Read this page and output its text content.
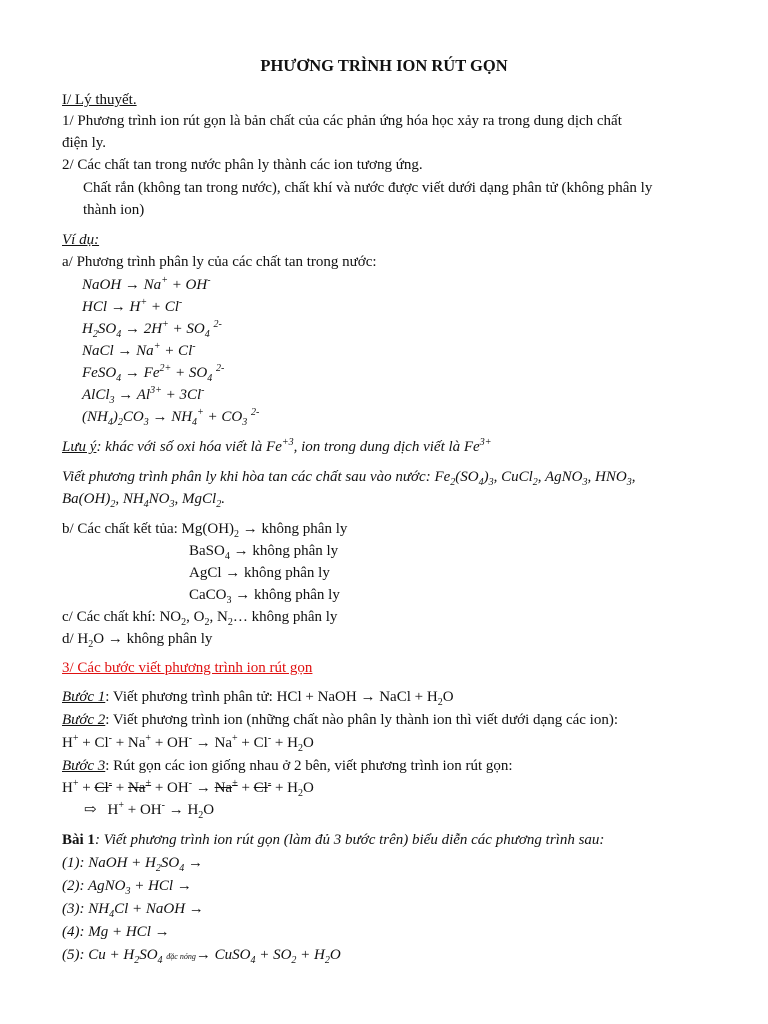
PHƯƠNG TRÌNH ION RÚT GỌN
I/ Lý thuyết.
1/ Phương trình ion rút gọn là bản chất của các phản ứng hóa học xảy ra trong dung dịch chất
điện ly.
2/ Các chất tan trong nước phân ly thành các ion tương ứng.
Chất rắn (không tan trong nước), chất khí và nước được viết dưới dạng phân tử (không phân ly
thành ion)
Ví dụ:
a/ Phương trình phân ly của các chất tan trong nước:
NaOH → Na+ + OH-
HCl → H+ + Cl-
$H_2SO_4 \to 2H^+ + SO_4$ $^{2-}$
NaCl → Na+ + Cl-
FeSO$_4$ → $Fe^{2+} + SO_4$ $^{2-}$
AlCl$_3$ → $Al^{3+} + 3Cl^-$
$(NH_4)_2CO_3 \to NH_4^+ + CO_3$ $^{2-}$
Lưu ý: khác với số oxi hóa viết là $Fe^{+3}$, ion trong dung dịch viết là $Fe^{3+}$
Viết phương trình phân ly khi hòa tan các chất sau vào nước: $Fe_2(SO_4)_3$, CuCl$_2$, AgNO$_3$, $HNO_3$,
$Ba(OH)_2$, $NH_4NO_3$, MgCl$_2$.
b/ Các chất kết tủa: $Mg(OH)_2$ → không phân ly
BaSO$_4$ → không phân ly
AgCl → không phân ly
CaCO$_3$ → không phân ly
c/ Các chất khí: $NO_2$, $O_2$, $N_2\dots$ không phân ly
d/ $H_2O$ → không phân ly
3/ Các bước viết phương trình ion rút gọn
Bước 1: Viết phương trình phân tử: HCl + NaOH → NaCl + $H_2O$
Bước 2: Viết phương trình ion (những chất nào phân ly thành ion thì viết dưới dạng các ion):
$H^+ + Cl^- + Na^+ + OH^- \to Na^+ + Cl^- + H_2O$
Bước 3: Rút gọn các ion giống nhau ở 2 bên, viết phương trình ion rút gọn:
$H^+ + Cl^- + Na^+ + OH^- \to Na^+ + Cl^- + H_2O$
⇨  $H^+ + OH^- \to H_2O$
Bài 1: Viết phương trình ion rút gọn (làm đủ 3 bước trên) biểu diễn các phương trình sau:
(1): NaOH + $H_2SO_4$ →
(2): AgNO$_3$ + HCl →
(3): $NH_4Cl$ + NaOH →
(4): Mg + HCl →
(5): $Cu + H_2SO_4$ đặc nóng→ CuSO$_4$ + $SO_2 + H_2O$
